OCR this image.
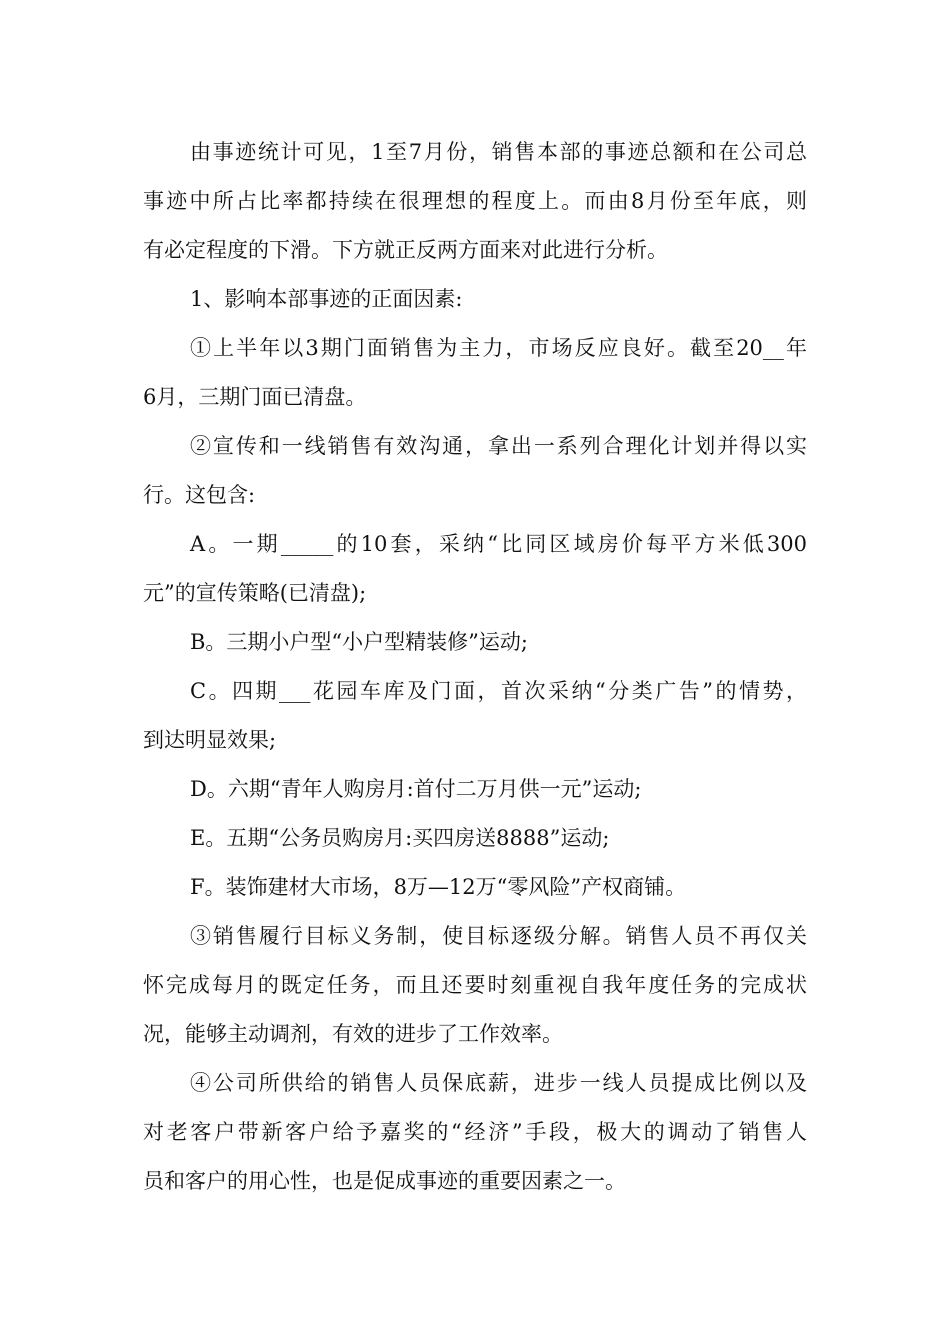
由事迹统计可见，1至7月份，销售本部的事迹总额和在公司总
事迹中所占比率都持续在很理想的程度上。而由8月份至年底，则
有必定程度的下滑。下方就正反两方面来对此进行分析。
1、影响本部事迹的正面因素:
①上半年以3期门面销售为主力，市场反应良好。截至20__年
6月，三期门面已清盘。
②宣传和一线销售有效沟通，拿出一系列合理化计划并得以实
行。这包含:
A。一期_____的10套，采纳“比同区域房价每平方米低300
元”的宣传策略(已清盘);
B。三期小户型“小户型精装修”运动;
C。四期___花园车库及门面，首次采纳“分类广告”的情势，
到达明显效果;
D。六期“青年人购房月:首付二万月供一元”运动;
E。五期“公务员购房月:买四房送8888”运动;
F。装饰建材大市场，8万—12万“零风险”产权商铺。
③销售履行目标义务制，使目标逐级分解。销售人员不再仅关
怀完成每月的既定任务，而且还要时刻重视自我年度任务的完成状
况，能够主动调剂，有效的进步了工作效率。
④公司所供给的销售人员保底薪，进步一线人员提成比例以及
对老客户带新客户给予嘉奖的“经济”手段，极大的调动了销售人
员和客户的用心性，也是促成事迹的重要因素之一。
